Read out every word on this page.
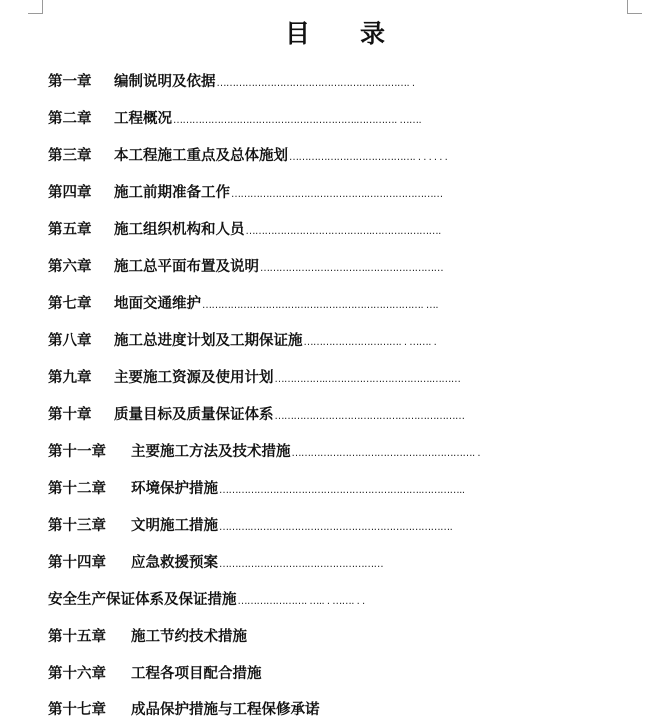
目　　录
第一章	编制说明及依据 ……………………………………………………. .
第二章	工程概况 ………………………………………………….…………. …….
第三章	本工程施工重点及总体施划 …………………………………. . . . . . .
第四章	施工前期准备工作 …………………………………….……………………
第五章	施工组织机构和人员 ………………………………….………………….
第六章	施工总平面布置及说明 …………………………….……………………
第七章	地面交通维护 ……………………………………………………………. ….
第八章	施工总进度计划及工期保证施 …………………………. . ……. .
第九章	主要施工资源及使用计划 …………….…………………………….………
第十章	质量目标及质量保证体系 ……………………………………………………
第十一章	主要施工方法及技术措施 …………………………………………………. .
第十二章	环境保护措施 ……………………………………………………….…………..
第十三章	文明施工措施 ……….……………………………………………………….
第十四章	应急救援预案 ……………………….……………………
安全生产保证体系及保证措施 …………………. ….. . ……. . .
第十五章	施工节约技术措施
第十六章	工程各项目配合措施
第十七章	成品保护措施与工程保修承诺
